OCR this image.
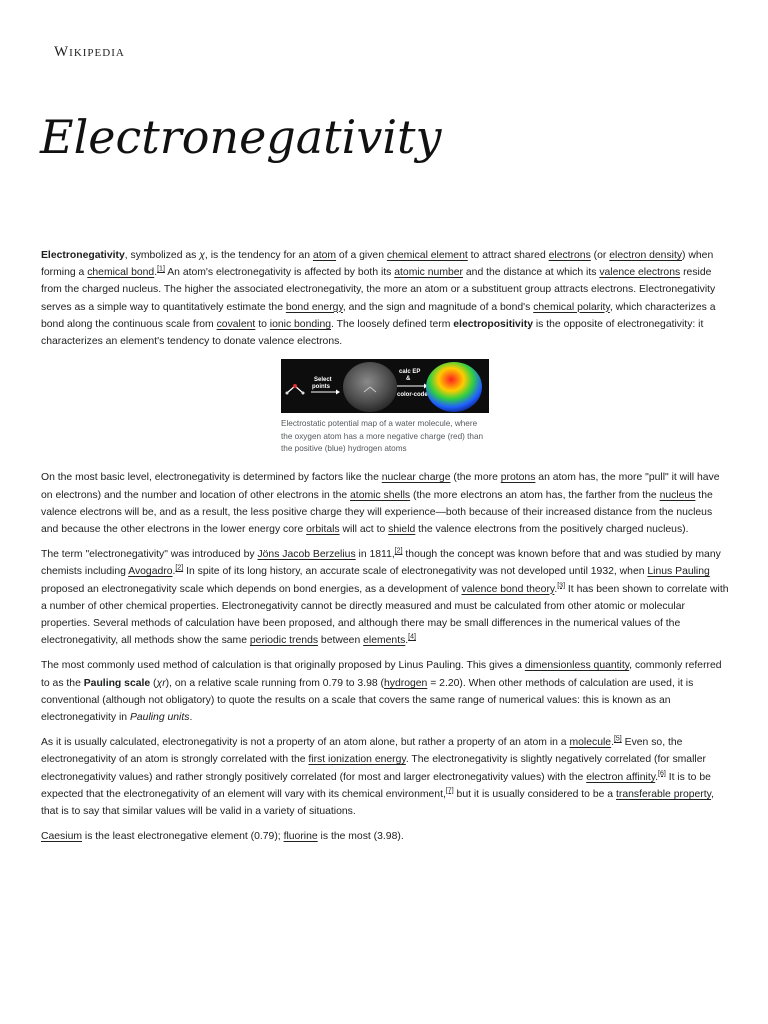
Wikipedia
Electronegativity

Electronegativity, symbolized as χ, is the tendency for an atom of a given chemical element to attract shared electrons (or electron density) when forming a chemical bond.[1] An atom's electronegativity is affected by both its atomic number and the distance at which its valence electrons reside from the charged nucleus. The higher the associated electronegativity, the more an atom or a substituent group attracts electrons. Electronegativity serves as a simple way to quantitatively estimate the bond energy, and the sign and magnitude of a bond's chemical polarity, which characterizes a bond along the continuous scale from covalent to ionic bonding. The loosely defined term electropositivity is the opposite of electronegativity: it characterizes an element's tendency to donate valence electrons.

Select
points
calc EP
&
color-code
Electrostatic potential map of a water molecule, where the oxygen atom has a more negative charge (red) than the positive (blue) hydrogen atoms

On the most basic level, electronegativity is determined by factors like the nuclear charge (the more protons an atom has, the more "pull" it will have on electrons) and the number and location of other electrons in the atomic shells (the more electrons an atom has, the farther from the nucleus the valence electrons will be, and as a result, the less positive charge they will experience—both because of their increased distance from the nucleus and because the other electrons in the lower energy core orbitals will act to shield the valence electrons from the positively charged nucleus).

The term "electronegativity" was introduced by Jöns Jacob Berzelius in 1811,[2] though the concept was known before that and was studied by many chemists including Avogadro.[2] In spite of its long history, an accurate scale of electronegativity was not developed until 1932, when Linus Pauling proposed an electronegativity scale which depends on bond energies, as a development of valence bond theory.[3] It has been shown to correlate with a number of other chemical properties. Electronegativity cannot be directly measured and must be calculated from other atomic or molecular properties. Several methods of calculation have been proposed, and although there may be small differences in the numerical values of the electronegativity, all methods show the same periodic trends between elements.[4]

The most commonly used method of calculation is that originally proposed by Linus Pauling. This gives a dimensionless quantity, commonly referred to as the Pauling scale (χr), on a relative scale running from 0.79 to 3.98 (hydrogen = 2.20). When other methods of calculation are used, it is conventional (although not obligatory) to quote the results on a scale that covers the same range of numerical values: this is known as an electronegativity in Pauling units.

As it is usually calculated, electronegativity is not a property of an atom alone, but rather a property of an atom in a molecule.[5] Even so, the electronegativity of an atom is strongly correlated with the first ionization energy. The electronegativity is slightly negatively correlated (for smaller electronegativity values) and rather strongly positively correlated (for most and larger electronegativity values) with the electron affinity.[6] It is to be expected that the electronegativity of an element will vary with its chemical environment,[7] but it is usually considered to be a transferable property, that is to say that similar values will be valid in a variety of situations.

Caesium is the least electronegative element (0.79); fluorine is the most (3.98).
